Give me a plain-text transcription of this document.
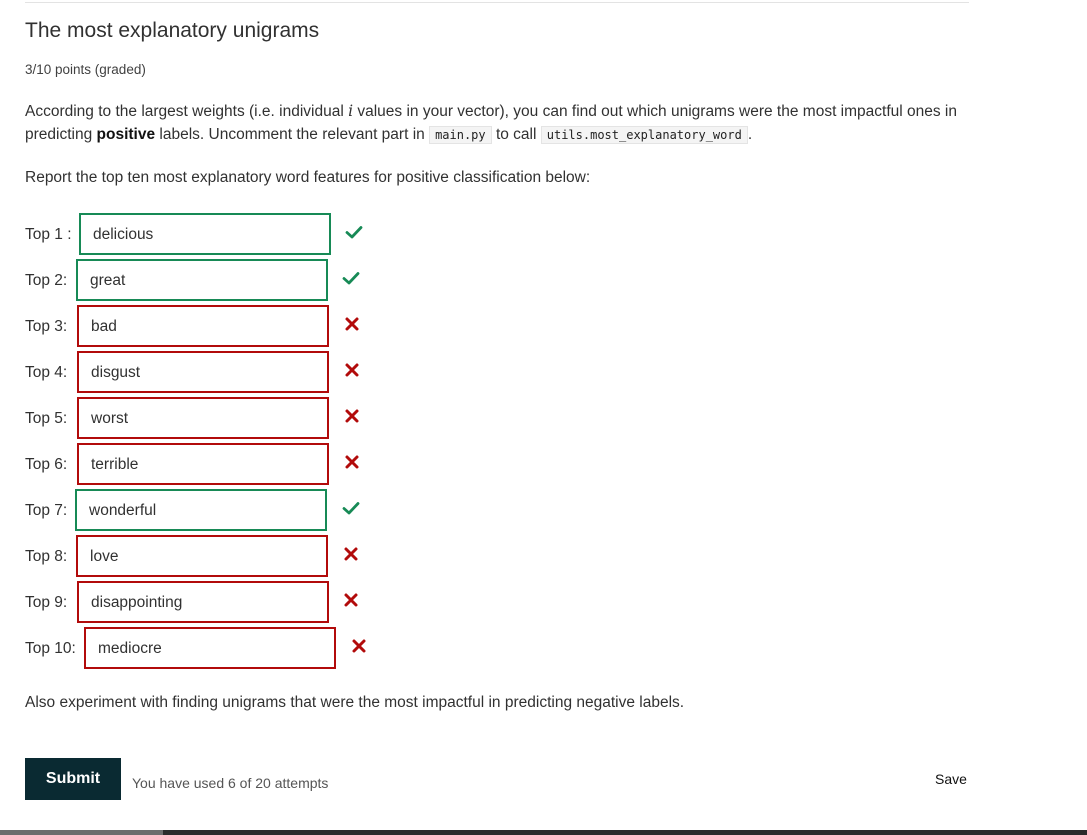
The most explanatory unigrams
3/10 points (graded)
According to the largest weights (i.e. individual i values in your vector), you can find out which unigrams were the most impactful ones in predicting positive labels. Uncomment the relevant part in main.py to call utils.most_explanatory_word .
Report the top ten most explanatory word features for positive classification below:
Top 1 :	delicious
Top 2:	great
Top 3:	bad
Top 4:	disgust
Top 5:	worst
Top 6:	terrible
Top 7:	wonderful
Top 8:	love
Top 9:	disappointing
Top 10:	mediocre
Also experiment with finding unigrams that were the most impactful in predicting negative labels.
Submit	You have used 6 of 20 attempts	Save
